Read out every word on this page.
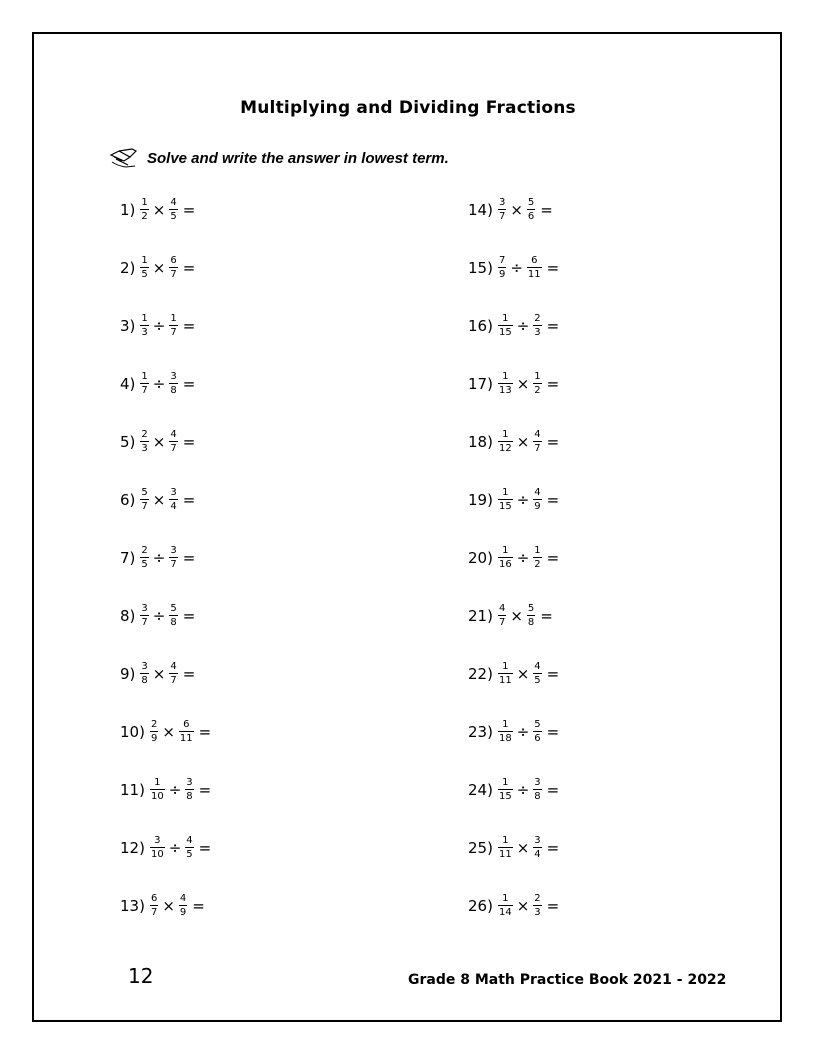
Multiplying and Dividing Fractions
Solve and write the answer in lowest term.
$1) \frac{1}{2} \times \frac{4}{5}$ =
$2) \frac{1}{5} \times \frac{6}{7}$ =
$3) \frac{1}{3} \div \frac{1}{7}$ =
$4) \frac{1}{7} \div \frac{3}{8}$ =
$5) \frac{2}{3} \times \frac{4}{7}$ =
$6) \frac{5}{7} \times \frac{3}{4}$ =
$7) \frac{2}{5} \div \frac{3}{7}$ =
$8) \frac{3}{7} \div \frac{5}{8}$ =
$9) \frac{3}{8} \times \frac{4}{7}$ =
$10) \frac{2}{9} \times \frac{6}{11}$ =
$11) \frac{1}{10} \div \frac{3}{8}$ =
$12) \frac{3}{10} \div \frac{4}{5}$ =
$13) \frac{6}{7} \times \frac{4}{9}$ =
$14) \frac{3}{7} \times \frac{5}{6}$ =
$15) \frac{7}{9} \div \frac{6}{11}$ =
$16) \frac{1}{15} \div \frac{2}{3}$ =
$17) \frac{1}{13} \times \frac{1}{2}$ =
$18) \frac{1}{12} \times \frac{4}{7}$ =
$19) \frac{1}{15} \div \frac{4}{9}$ =
$20) \frac{1}{16} \div \frac{1}{2}$ =
$21) \frac{4}{7} \times \frac{5}{8}$ =
$22) \frac{1}{11} \times \frac{4}{5}$ =
$23) \frac{1}{18} \div \frac{5}{6}$ =
$24) \frac{1}{15} \div \frac{3}{8}$ =
$25) \frac{1}{11} \times \frac{3}{4}$ =
$26) \frac{1}{14} \times \frac{2}{3}$ =
12	Grade 8 Math Practice Book 2021 - 2022
